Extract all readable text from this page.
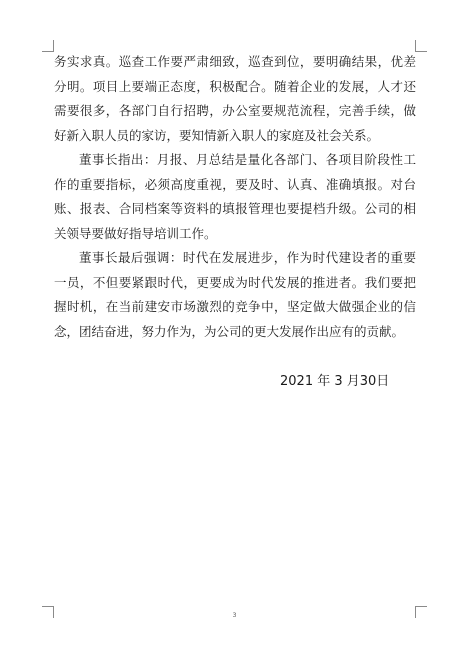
务实求真。巡查工作要严肃细致，巡查到位，要明确结果，优差分明。项目上要端正态度，积极配合。随着企业的发展，人才还需要很多，各部门自行招聘，办公室要规范流程，完善手续，做好新入职人员的家访，要知情新入职人的家庭及社会关系。

董事长指出：月报、月总结是量化各部门、各项目阶段性工作的重要指标，必须高度重视，要及时、认真、准确填报。对台账、报表、合同档案等资料的填报管理也要提档升级。公司的相关领导要做好指导培训工作。

董事长最后强调：时代在发展进步，作为时代建设者的重要一员，不但要紧跟时代，更要成为时代发展的推进者。我们要把握时机，在当前建安市场激烈的竞争中，坚定做大做强企业的信念，团结奋进，努力作为，为公司的更大发展作出应有的贡献。

2021 年 3 月30日
3
